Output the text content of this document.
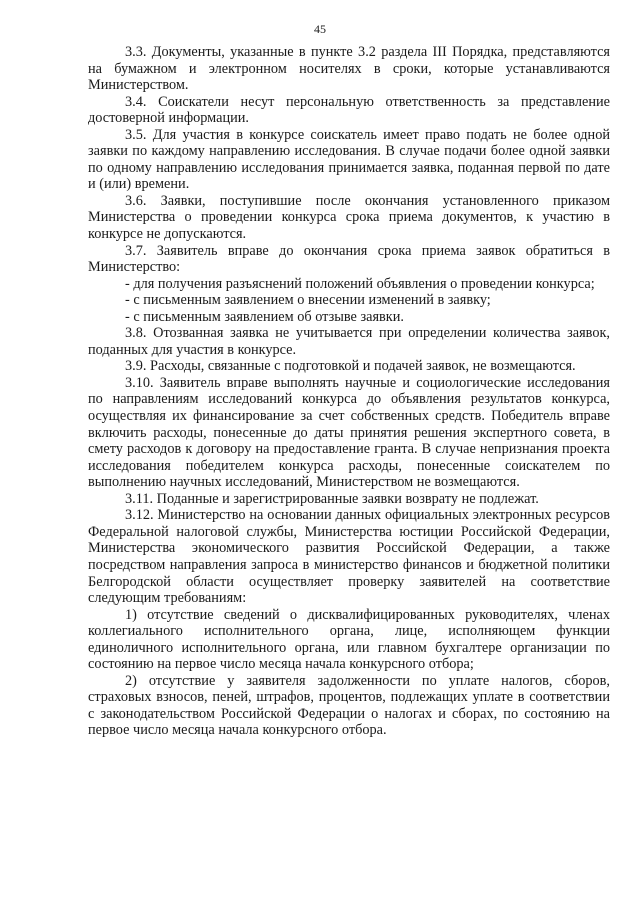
45

3.3. Документы, указанные в пункте 3.2 раздела III Порядка, представляются на бумажном и электронном носителях в сроки, которые устанавливаются Министерством.

3.4. Соискатели несут персональную ответственность за представление достоверной информации.

3.5. Для участия в конкурсе соискатель имеет право подать не более одной заявки по каждому направлению исследования. В случае подачи более одной заявки по одному направлению исследования принимается заявка, поданная первой по дате и (или) времени.

3.6. Заявки, поступившие после окончания установленного приказом Министерства о проведении конкурса срока приема документов, к участию в конкурсе не допускаются.

3.7. Заявитель вправе до окончания срока приема заявок обратиться в Министерство:

- для получения разъяснений положений объявления о проведении конкурса;

- с письменным заявлением о внесении изменений в заявку;

- с письменным заявлением об отзыве заявки.

3.8. Отозванная заявка не учитывается при определении количества заявок, поданных для участия в конкурсе.

3.9. Расходы, связанные с подготовкой и подачей заявок, не возмещаются.

3.10. Заявитель вправе выполнять научные и социологические исследования по направлениям исследований конкурса до объявления результатов конкурса, осуществляя их финансирование за счет собственных средств. Победитель вправе включить расходы, понесенные до даты принятия решения экспертного совета, в смету расходов к договору на предоставление гранта. В случае непризнания проекта исследования победителем конкурса расходы, понесенные соискателем по выполнению научных исследований, Министерством не возмещаются.

3.11. Поданные и зарегистрированные заявки возврату не подлежат.

3.12. Министерство на основании данных официальных электронных ресурсов Федеральной налоговой службы, Министерства юстиции Российской Федерации, Министерства экономического развития Российской Федерации, а также посредством направления запроса в министерство финансов и бюджетной политики Белгородской области осуществляет проверку заявителей на соответствие следующим требованиям:

1) отсутствие сведений о дисквалифицированных руководителях, членах коллегиального исполнительного органа, лице, исполняющем функции единоличного исполнительного органа, или главном бухгалтере организации по состоянию на первое число месяца начала конкурсного отбора;

2) отсутствие у заявителя задолженности по уплате налогов, сборов, страховых взносов, пеней, штрафов, процентов, подлежащих уплате в соответствии с законодательством Российской Федерации о налогах и сборах, по состоянию на первое число месяца начала конкурсного отбора.
